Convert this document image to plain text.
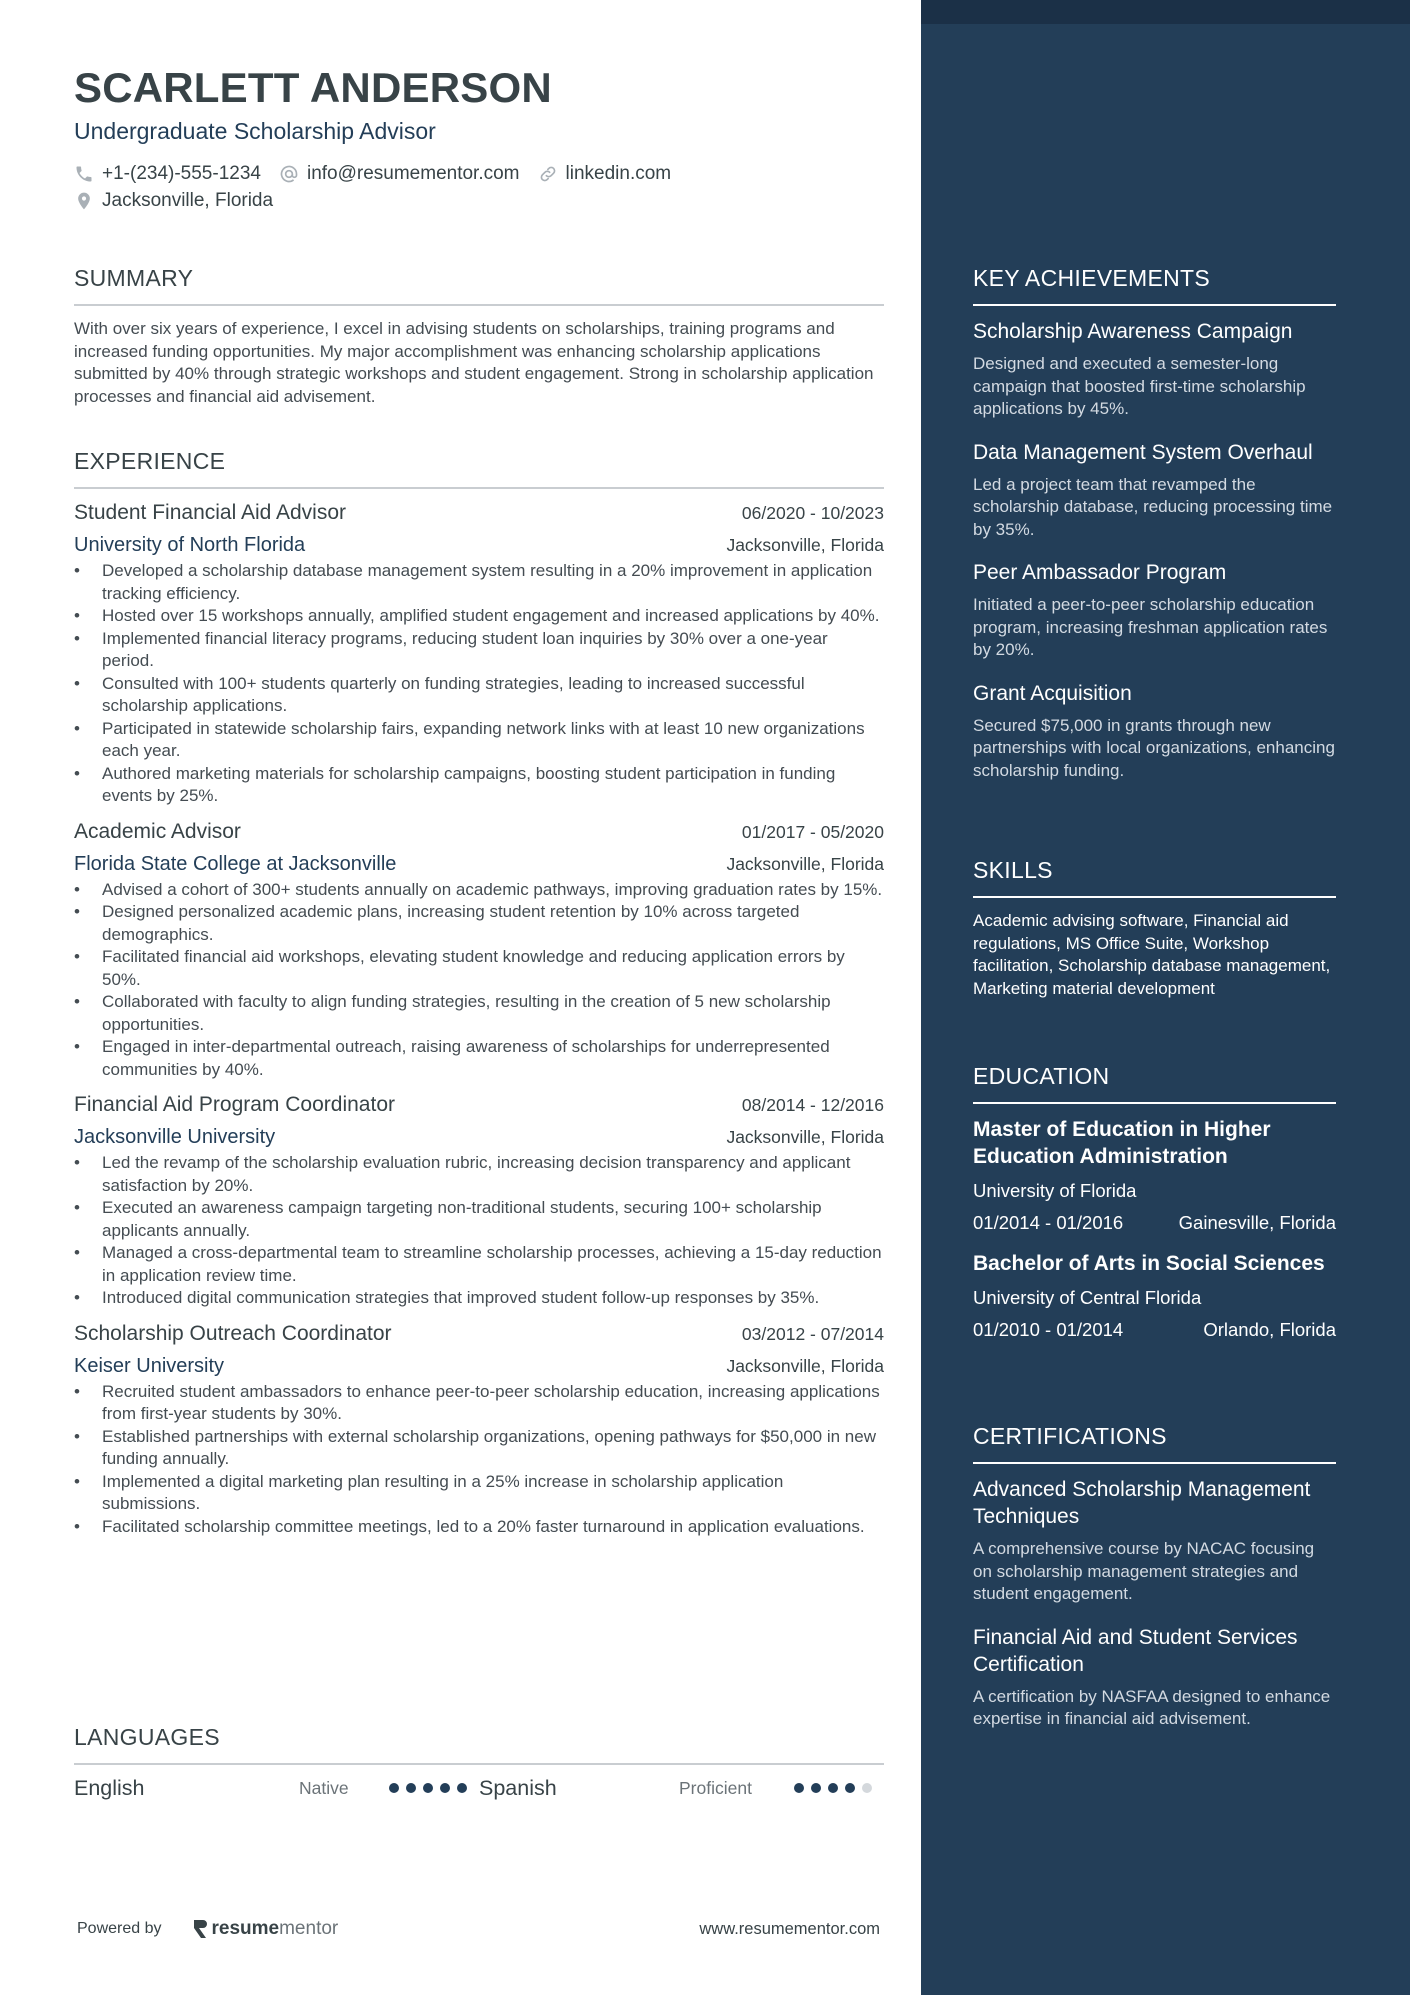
SCARLETT ANDERSON
Undergraduate Scholarship Advisor
+1-(234)-555-1234 info@resumementor.com linkedin.com
Jacksonville, Florida
SUMMARY

With over six years of experience, I excel in advising students on scholarships, training programs and increased funding opportunities. My major accomplishment was enhancing scholarship applications submitted by 40% through strategic workshops and student engagement. Strong in scholarship application processes and financial aid advisement.

EXPERIENCE
Student Financial Aid Advisor	06/2020 - 10/2023
University of North Florida	Jacksonville, Florida
• Developed a scholarship database management system resulting in a 20% improvement in application tracking efficiency.
• Hosted over 15 workshops annually, amplified student engagement and increased applications by 40%.
• Implemented financial literacy programs, reducing student loan inquiries by 30% over a one-year period.
• Consulted with 100+ students quarterly on funding strategies, leading to increased successful scholarship applications.
• Participated in statewide scholarship fairs, expanding network links with at least 10 new organizations each year.
• Authored marketing materials for scholarship campaigns, boosting student participation in funding events by 25%.
Academic Advisor	01/2017 - 05/2020
Florida State College at Jacksonville	Jacksonville, Florida
• Advised a cohort of 300+ students annually on academic pathways, improving graduation rates by 15%.
• Designed personalized academic plans, increasing student retention by 10% across targeted demographics.
• Facilitated financial aid workshops, elevating student knowledge and reducing application errors by 50%.
• Collaborated with faculty to align funding strategies, resulting in the creation of 5 new scholarship opportunities.
• Engaged in inter-departmental outreach, raising awareness of scholarships for underrepresented communities by 40%.
Financial Aid Program Coordinator	08/2014 - 12/2016
Jacksonville University	Jacksonville, Florida
• Led the revamp of the scholarship evaluation rubric, increasing decision transparency and applicant satisfaction by 20%.
• Executed an awareness campaign targeting non-traditional students, securing 100+ scholarship applicants annually.
• Managed a cross-departmental team to streamline scholarship processes, achieving a 15-day reduction in application review time.
• Introduced digital communication strategies that improved student follow-up responses by 35%.
Scholarship Outreach Coordinator	03/2012 - 07/2014
Keiser University	Jacksonville, Florida
• Recruited student ambassadors to enhance peer-to-peer scholarship education, increasing applications from first-year students by 30%.
• Established partnerships with external scholarship organizations, opening pathways for $50,000 in new funding annually.
• Implemented a digital marketing plan resulting in a 25% increase in scholarship application submissions.
• Facilitated scholarship committee meetings, led to a 20% faster turnaround in application evaluations.
LANGUAGES
English	Native	Spanish	Proficient
Powered by	resume mentor	www.resumementor.com
KEY ACHIEVEMENTS
Scholarship Awareness Campaign
Designed and executed a semester-long campaign that boosted first-time scholarship applications by 45%.
Data Management System Overhaul
Led a project team that revamped the scholarship database, reducing processing time by 35%.
Peer Ambassador Program
Initiated a peer-to-peer scholarship education program, increasing freshman application rates by 20%.
Grant Acquisition
Secured $75,000 in grants through new partnerships with local organizations, enhancing scholarship funding.
SKILLS
Academic advising software, Financial aid regulations, MS Office Suite, Workshop facilitation, Scholarship database management, Marketing material development
EDUCATION
Master of Education in Higher Education Administration
University of Florida
01/2014 - 01/2016	Gainesville, Florida
Bachelor of Arts in Social Sciences
University of Central Florida
01/2010 - 01/2014	Orlando, Florida
CERTIFICATIONS
Advanced Scholarship Management Techniques
A comprehensive course by NACAC focusing on scholarship management strategies and student engagement.
Financial Aid and Student Services Certification
A certification by NASFAA designed to enhance expertise in financial aid advisement.
